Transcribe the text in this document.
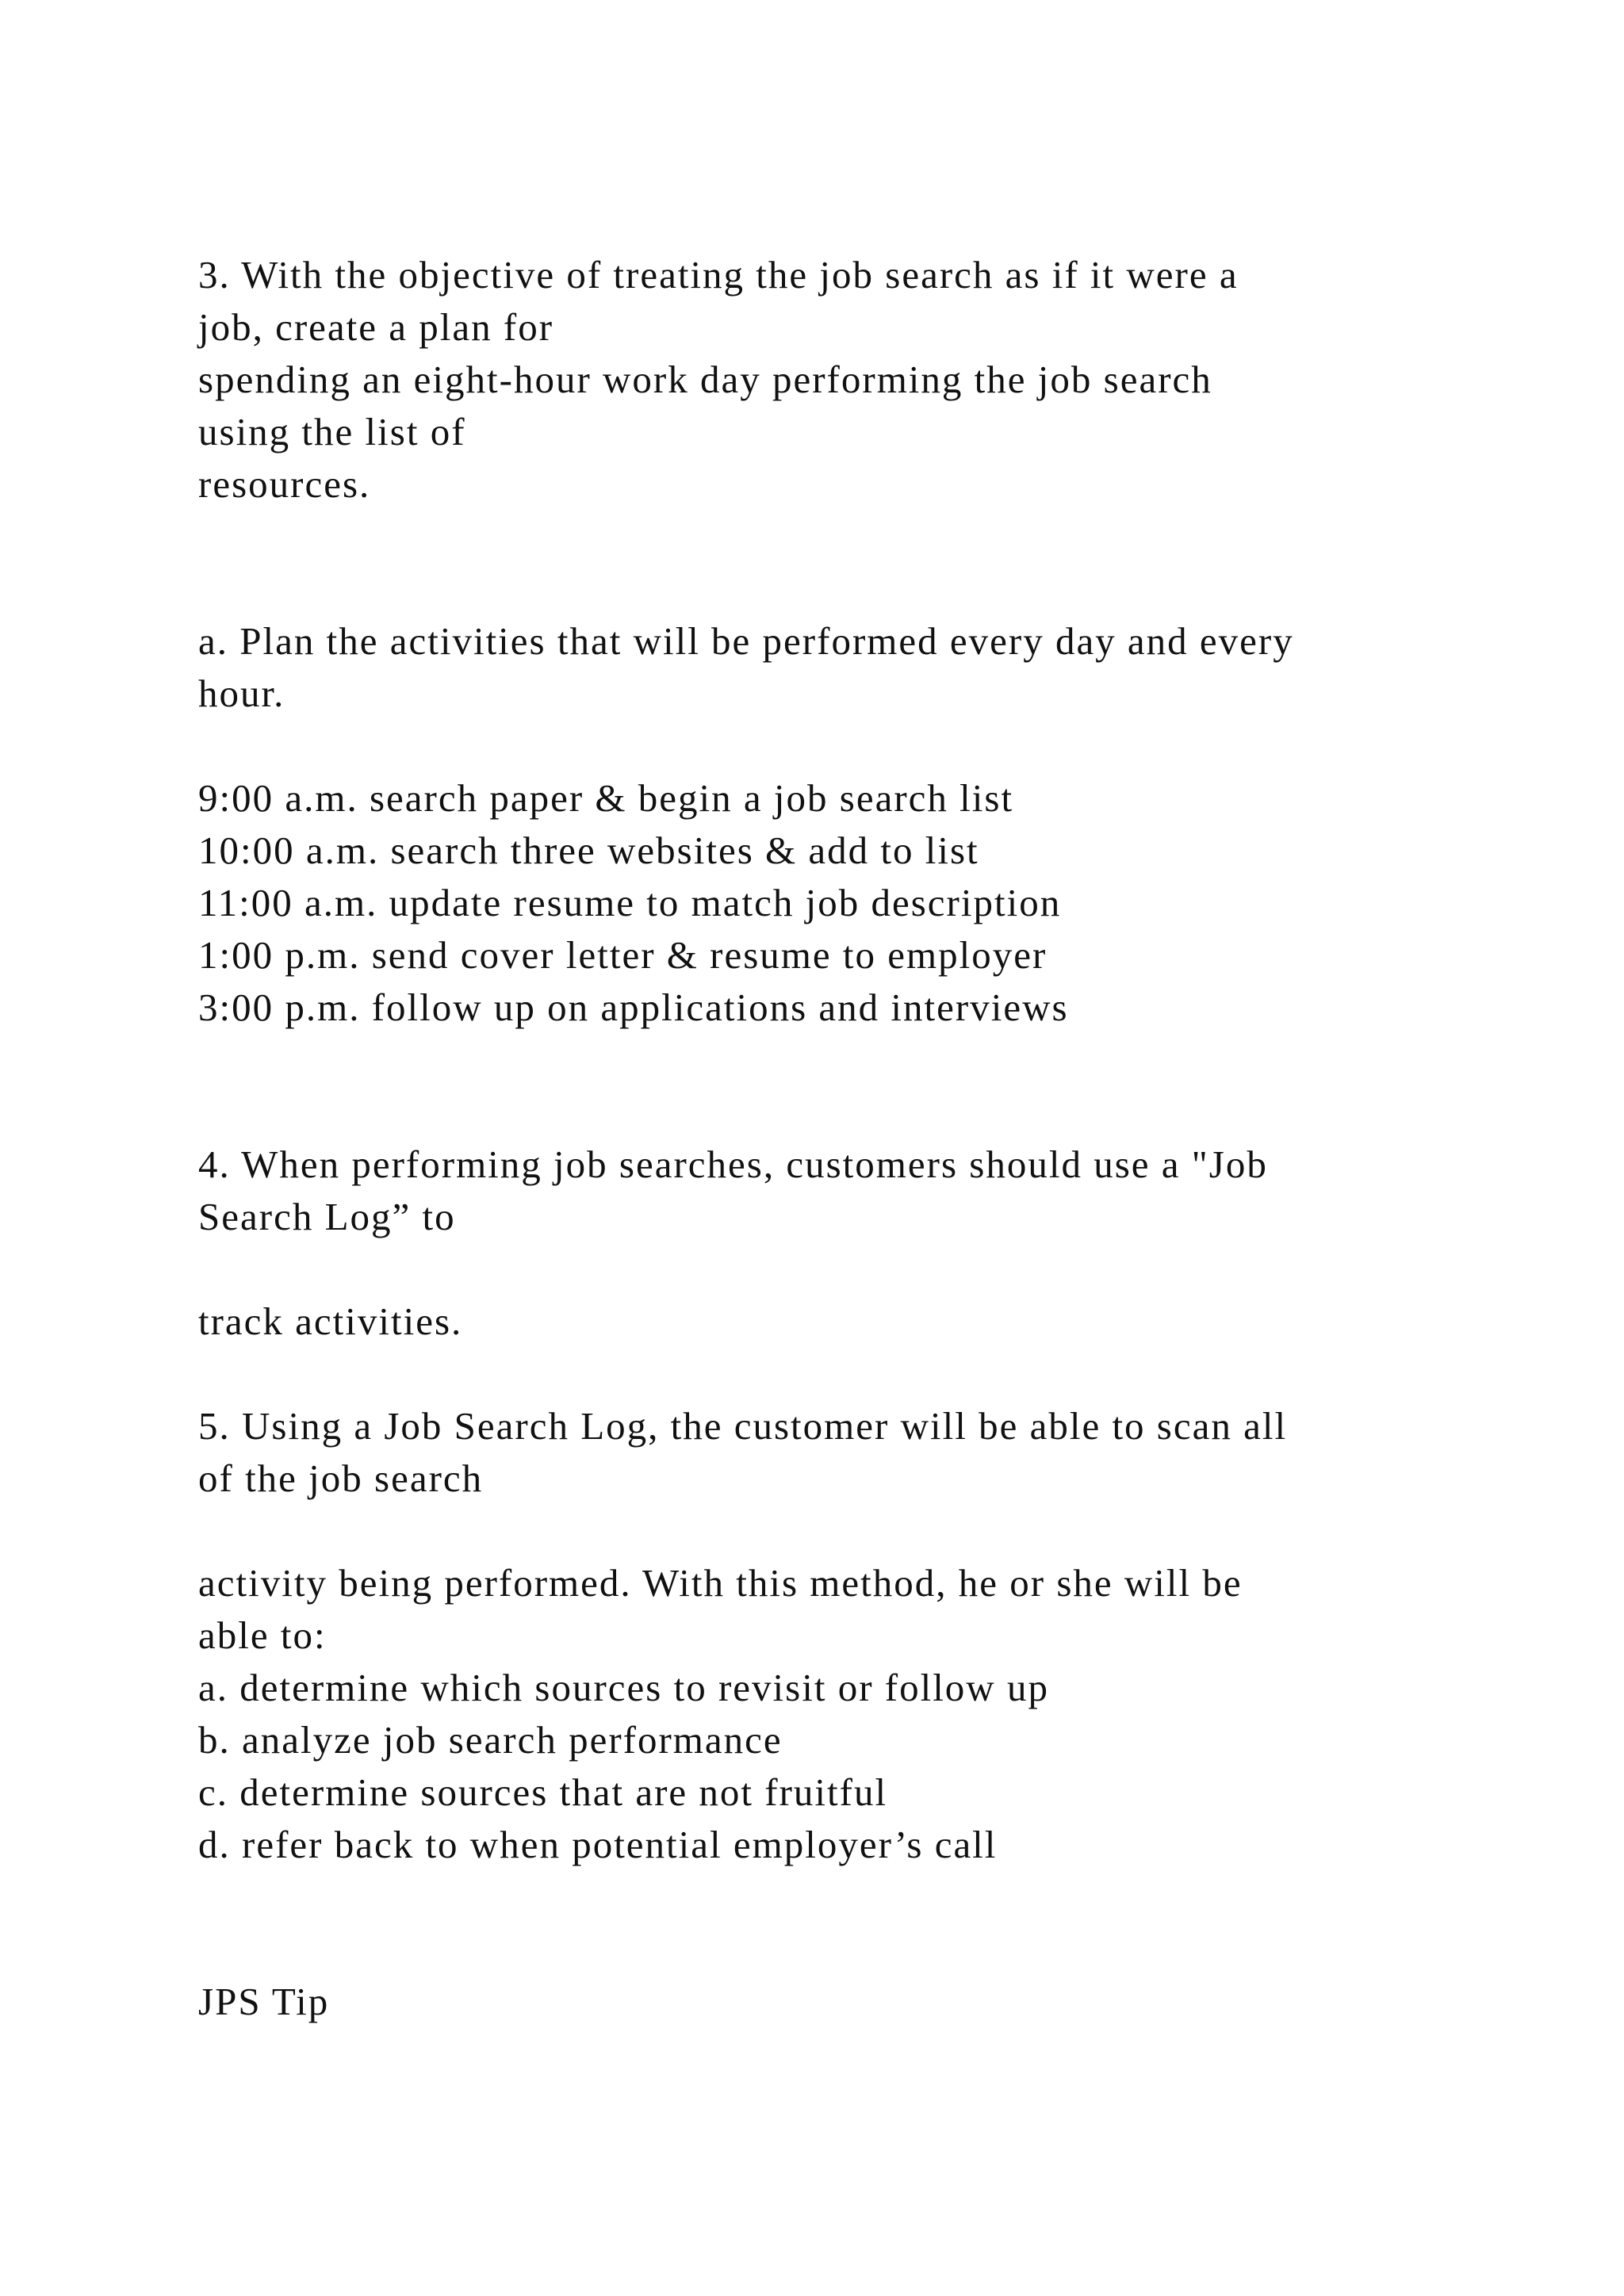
3. With the objective of treating the job search as if it were a
job, create a plan for
spending an eight-hour work day performing the job search
using the list of
resources.
a. Plan the activities that will be performed every day and every
hour.
9:00 a.m. search paper & begin a job search list
10:00 a.m. search three websites & add to list
11:00 a.m. update resume to match job description
1:00 p.m. send cover letter & resume to employer
3:00 p.m. follow up on applications and interviews
4. When performing job searches, customers should use a "Job
Search Log” to
track activities.
5. Using a Job Search Log, the customer will be able to scan all
of the job search
activity being performed. With this method, he or she will be
able to:
a. determine which sources to revisit or follow up
b. analyze job search performance
c. determine sources that are not fruitful
d. refer back to when potential employer’s call
JPS Tip
